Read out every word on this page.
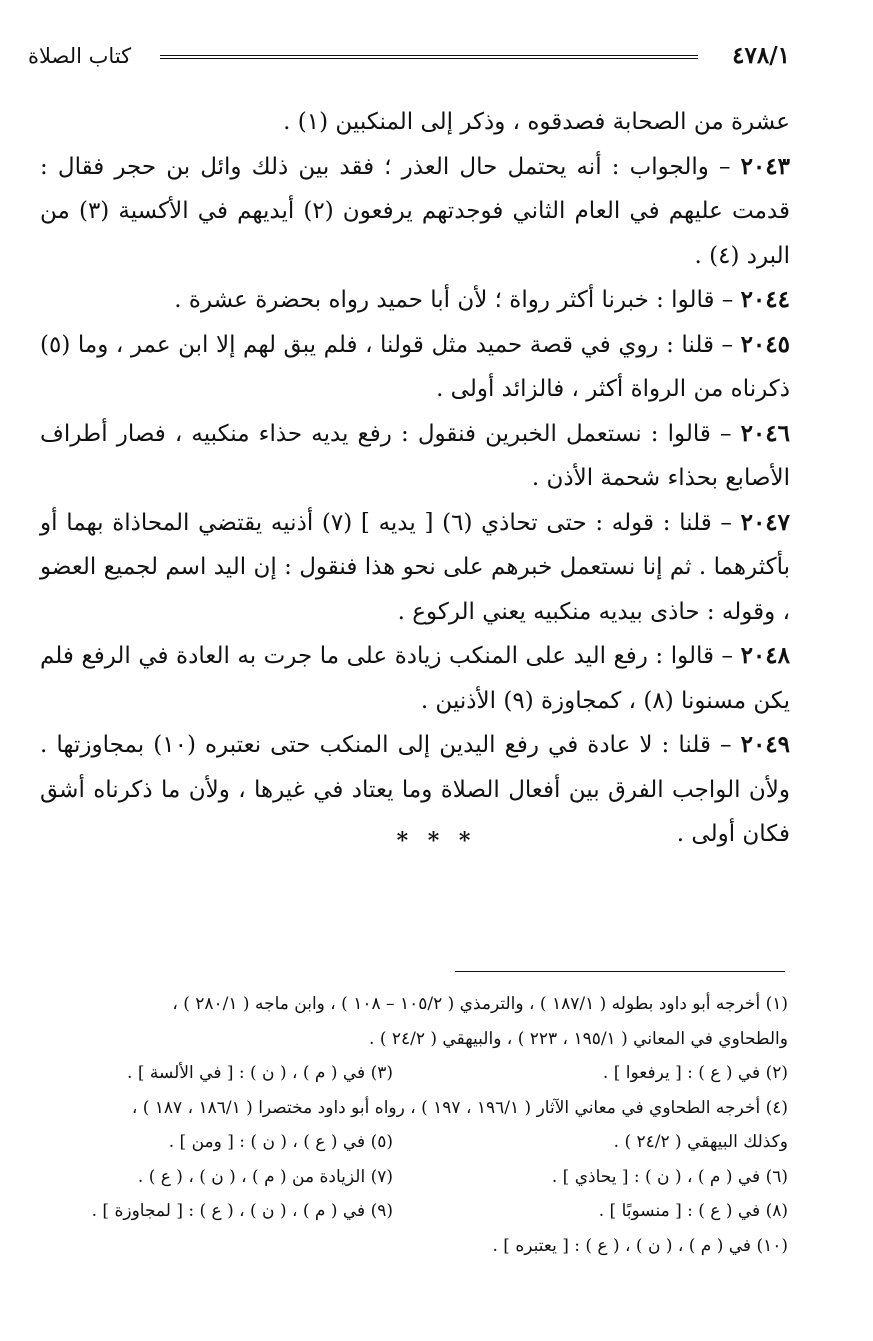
كتاب الصلاة	٤٧٨/١

عشرة من الصحابة فصدقوه ، وذكر إلى المنكبين (١) .

٢٠٤٣ – والجواب : أنه يحتمل حال العذر ؛ فقد بين ذلك وائل بن حجر فقال : قدمت عليهم في العام الثاني فوجدتهم يرفعون (٢) أيديهم في الأكسية (٣) من البرد (٤) .

٢٠٤٤ – قالوا : خبرنا أكثر رواة ؛ لأن أبا حميد رواه بحضرة عشرة .

٢٠٤٥ – قلنا : روي في قصة حميد مثل قولنا ، فلم يبق لهم إلا ابن عمر ، وما (٥) ذكرناه من الرواة أكثر ، فالزائد أولى .

٢٠٤٦ – قالوا : نستعمل الخبرين فنقول : رفع يديه حذاء منكبيه ، فصار أطراف الأصابع بحذاء شحمة الأذن .

٢٠٤٧ – قلنا : قوله : حتى تحاذي (٦) [ يديه ] (٧) أذنيه يقتضي المحاذاة بهما أو بأكثرهما . ثم إنا نستعمل خبرهم على نحو هذا فنقول : إن اليد اسم لجميع العضو ، وقوله : حاذى بيديه منكبيه يعني الركوع .

٢٠٤٨ – قالوا : رفع اليد على المنكب زيادة على ما جرت به العادة في الرفع فلم يكن مسنونا (٨) ، كمجاوزة (٩) الأذنين .

٢٠٤٩ – قلنا : لا عادة في رفع اليدين إلى المنكب حتى نعتبره (١٠) بمجاوزتها . ولأن الواجب الفرق بين أفعال الصلاة وما يعتاد في غيرها ، ولأن ما ذكرناه أشق فكان أولى .

* * *
(١) أخرجه أبو داود بطوله ( ١٨٧/١ ) ، والترمذي ( ١٠٥/٢ – ١٠٨ ) ، وابن ماجه ( ٢٨٠/١ ) ،
والطحاوي في المعاني ( ١٩٥/١ ، ٢٢٣ ) ، والبيهقي ( ٢٤/٢ ) .
(٢) في ( ع ) : [ يرفعوا ] .
(٣) في ( م ) ، ( ن ) : [ في الألسة ] .
(٤) أخرجه الطحاوي في معاني الآثار ( ١٩٦/١ ، ١٩٧ ) ، رواه أبو داود مختصرا ( ١٨٦/١ ، ١٨٧ ) ،
وكذلك البيهقي ( ٢٤/٢ ) .
(٥) في ( ع ) ، ( ن ) : [ ومن ] .
(٦) في ( م ) ، ( ن ) : [ يحاذي ] .
(٧) الزيادة من ( م ) ، ( ن ) ، ( ع ) .
(٨) في ( ع ) : [ منسوبًا ] .
(٩) في ( م ) ، ( ن ) ، ( ع ) : [ لمجاوزة ] .
(١٠) في ( م ) ، ( ن ) ، ( ع ) : [ يعتبره ] .
